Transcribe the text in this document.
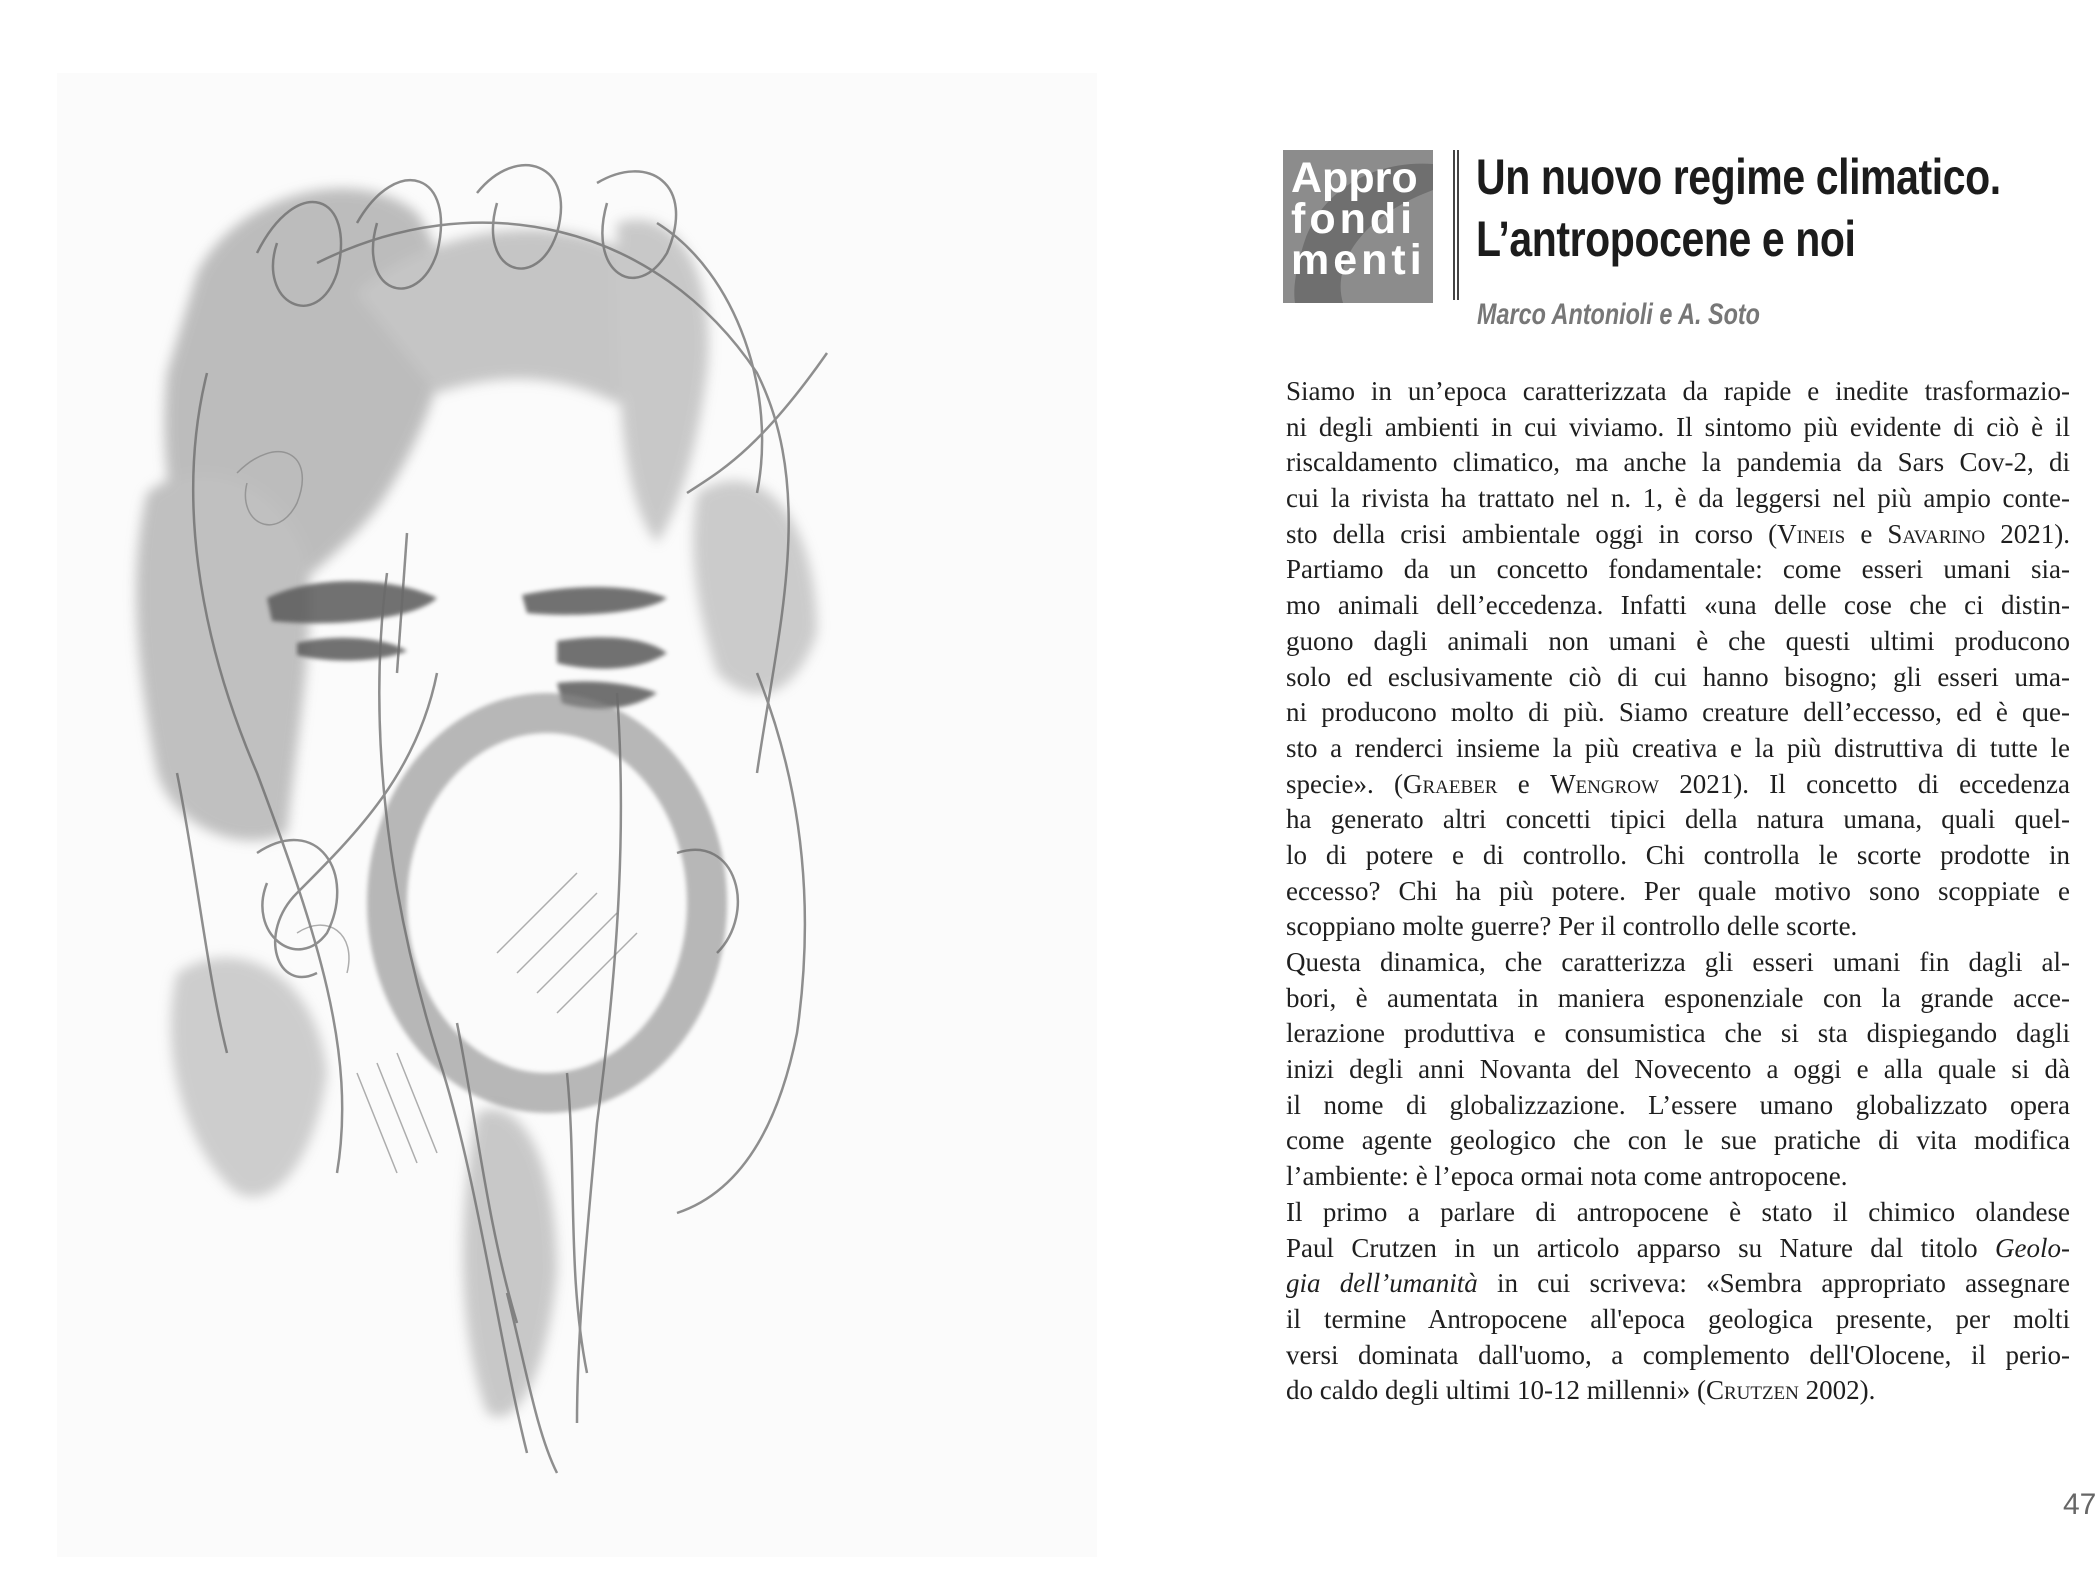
Appro
fondi
menti
Un nuovo regime climatico.
L’antropocene e noi
Marco Antonioli e A. Soto
Siamo in un’epoca caratterizzata da rapide e inedite trasformazio-
ni degli ambienti in cui viviamo. Il sintomo più evidente di ciò è il
riscaldamento climatico, ma anche la pandemia da Sars Cov-2, di
cui la rivista ha trattato nel n. 1, è da leggersi nel più ampio conte-
sto della crisi ambientale oggi in corso (Vineis e Savarino 2021).
Partiamo da un concetto fondamentale: come esseri umani sia-
mo animali dell’eccedenza. Infatti «una delle cose che ci distin-
guono dagli animali non umani è che questi ultimi producono
solo ed esclusivamente ciò di cui hanno bisogno; gli esseri uma-
ni producono molto di più. Siamo creature dell’eccesso, ed è que-
sto a renderci insieme la più creativa e la più distruttiva di tutte le
specie». (Graeber e Wengrow 2021). Il concetto di eccedenza
ha generato altri concetti tipici della natura umana, quali quel-
lo di potere e di controllo. Chi controlla le scorte prodotte in
eccesso? Chi ha più potere. Per quale motivo sono scoppiate e
scoppiano molte guerre? Per il controllo delle scorte.
Questa dinamica, che caratterizza gli esseri umani fin dagli al-
bori, è aumentata in maniera esponenziale con la grande acce-
lerazione produttiva e consumistica che si sta dispiegando dagli
inizi degli anni Novanta del Novecento a oggi e alla quale si dà
il nome di globalizzazione. L’essere umano globalizzato opera
come agente geologico che con le sue pratiche di vita modifica
l’ambiente: è l’epoca ormai nota come antropocene.
Il primo a parlare di antropocene è stato il chimico olandese
Paul Crutzen in un articolo apparso su Nature dal titolo Geolo-
gia dell’umanità in cui scriveva: «Sembra appropriato assegnare
il termine Antropocene all'epoca geologica presente, per molti
versi dominata dall'uomo, a complemento dell'Olocene, il perio-
do caldo degli ultimi 10-12 millenni» (Crutzen 2002).
47
